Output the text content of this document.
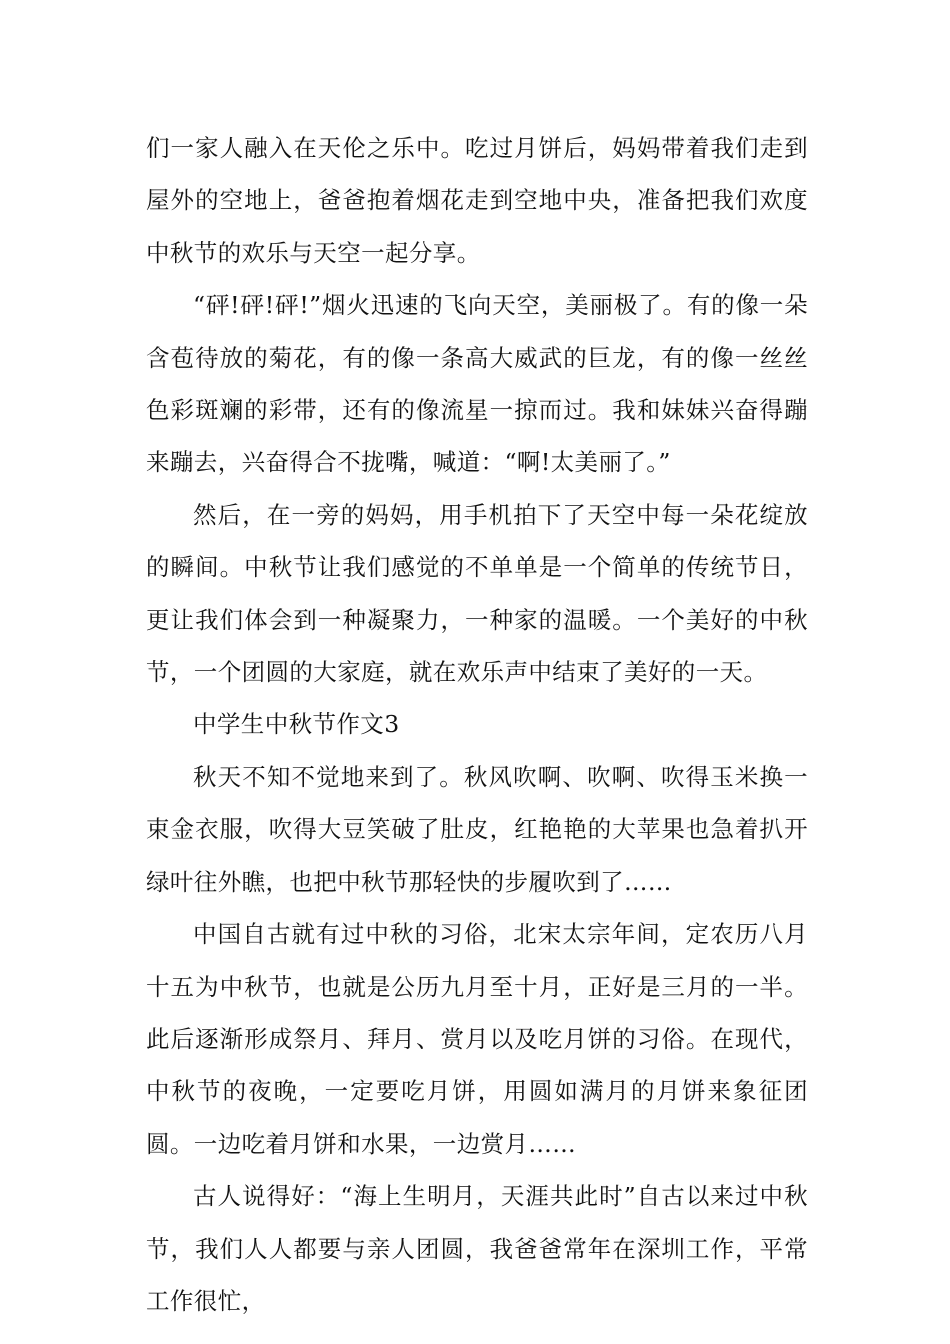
们一家人融入在天伦之乐中。吃过月饼后，妈妈带着我们走到屋外的空地上，爸爸抱着烟花走到空地中央，准备把我们欢度中秋节的欢乐与天空一起分享。

“砰!砰!砰!”烟火迅速的飞向天空，美丽极了。有的像一朵含苞待放的菊花，有的像一条高大威武的巨龙，有的像一丝丝色彩斑斓的彩带，还有的像流星一掠而过。我和妹妹兴奋得蹦来蹦去，兴奋得合不拢嘴，喊道：“啊!太美丽了。”

然后，在一旁的妈妈，用手机拍下了天空中每一朵花绽放的瞬间。中秋节让我们感觉的不单单是一个简单的传统节日，更让我们体会到一种凝聚力，一种家的温暖。一个美好的中秋节，一个团圆的大家庭，就在欢乐声中结束了美好的一天。

中学生中秋节作文3

秋天不知不觉地来到了。秋风吹啊、吹啊、吹得玉米换一束金衣服，吹得大豆笑破了肚皮，红艳艳的大苹果也急着扒开绿叶往外瞧，也把中秋节那轻快的步履吹到了……

中国自古就有过中秋的习俗，北宋太宗年间，定农历八月十五为中秋节，也就是公历九月至十月，正好是三月的一半。此后逐渐形成祭月、拜月、赏月以及吃月饼的习俗。在现代，中秋节的夜晚，一定要吃月饼，用圆如满月的月饼来象征团圆。一边吃着月饼和水果，一边赏月……

古人说得好：“海上生明月，天涯共此时”自古以来过中秋节，我们人人都要与亲人团圆，我爸爸常年在深圳工作，平常工作很忙，
